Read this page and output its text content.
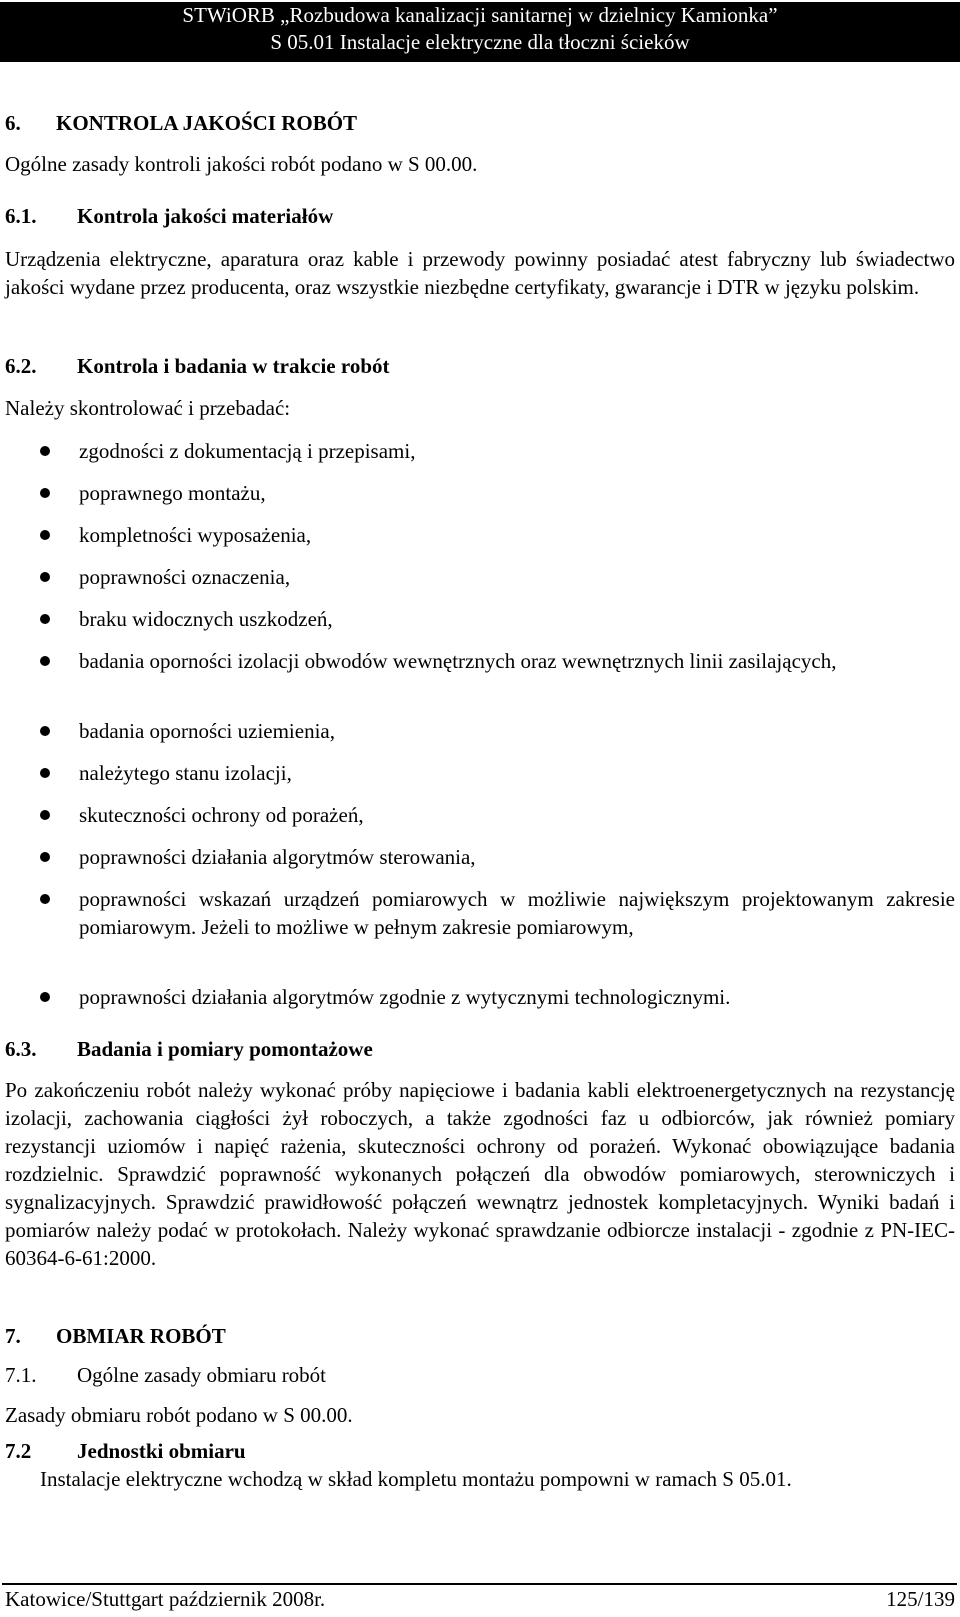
STWiORB „Rozbudowa kanalizacji sanitarnej w dzielnicy Kamionka”
S 05.01 Instalacje elektryczne dla tłoczni ścieków
6. KONTROLA JAKOŚCI ROBÓT
Ogólne zasady kontroli jakości robót podano w S 00.00.
6.1. Kontrola jakości materiałów
Urządzenia elektryczne, aparatura oraz kable i przewody powinny posiadać atest fabryczny lub świadectwo jakości wydane przez producenta, oraz wszystkie niezbędne certyfikaty, gwarancje i DTR w języku polskim.
6.2. Kontrola i badania w trakcie robót
Należy skontrolować i przebadać:
zgodności z dokumentacją i przepisami,
poprawnego montażu,
kompletności wyposażenia,
poprawności oznaczenia,
braku widocznych uszkodzeń,
badania oporności izolacji obwodów wewnętrznych oraz wewnętrznych linii zasilających,
badania oporności uziemienia,
należytego stanu izolacji,
skuteczności ochrony od porażeń,
poprawności działania algorytmów sterowania,
poprawności wskazań urządzeń pomiarowych w możliwie największym projektowanym zakresie pomiarowym. Jeżeli to możliwe w pełnym zakresie pomiarowym,
poprawności działania algorytmów zgodnie z wytycznymi technologicznymi.
6.3. Badania i pomiary pomontażowe
Po zakończeniu robót należy wykonać próby napięciowe i badania kabli elektroenergetycznych na rezystancję izolacji, zachowania ciągłości żył roboczych, a także zgodności faz u odbiorców, jak również pomiary rezystancji uziomów i napięć rażenia, skuteczności ochrony od porażeń. Wykonać obowiązujące badania rozdzielnic. Sprawdzić poprawność wykonanych połączeń dla obwodów pomiarowych, sterowniczych i sygnalizacyjnych. Sprawdzić prawidłowość połączeń wewnątrz jednostek kompletacyjnych. Wyniki badań i pomiarów należy podać w protokołach. Należy wykonać sprawdzanie odbiorcze instalacji - zgodnie z PN-IEC-60364-6-61:2000.
7. OBMIAR ROBÓT
7.1. Ogólne zasady obmiaru robót
Zasady obmiaru robót podano w S 00.00.
7.2 Jednostki obmiaru
Instalacje elektryczne wchodzą w skład kompletu montażu pompowni w ramach S 05.01.
Katowice/Stuttgart październik 2008r.	125/139
